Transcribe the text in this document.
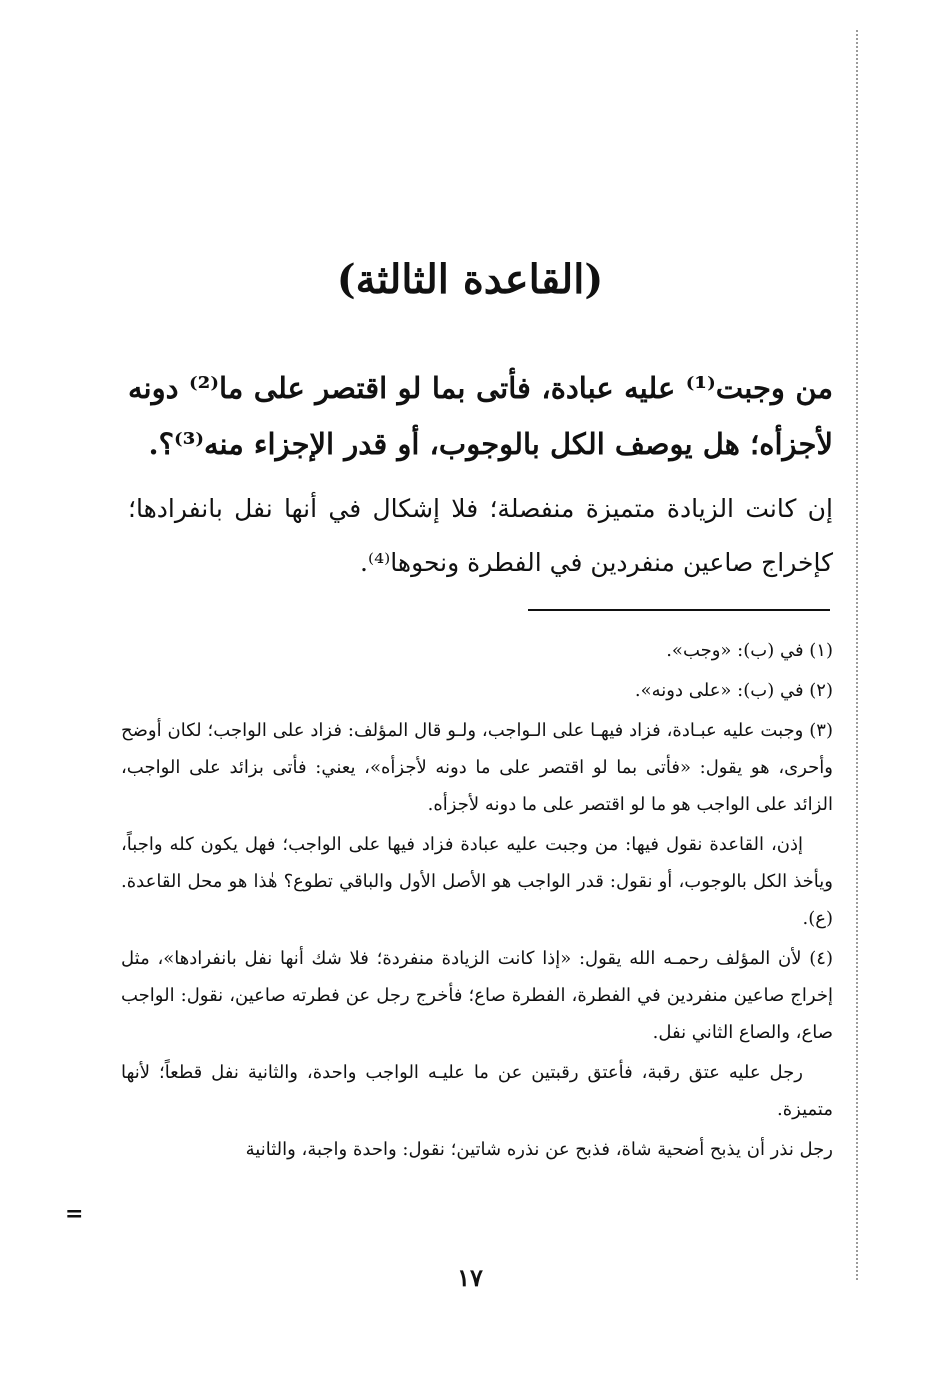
(القاعدة الثالثة)
من وجبت⁽¹⁾ عليه عبادة، فأتى بما لو اقتصر على ما⁽²⁾ دونه لأجزأه؛ هل يوصف الكل بالوجوب، أو قدر الإجزاء منه⁽³⁾؟.
إن كانت الزيادة متميزة منفصلة؛ فلا إشكال في أنها نفل بانفرادها؛ كإخراج صاعين منفردين في الفطرة ونحوها⁽⁴⁾.

(١) في (ب): «وجب».

(٢) في (ب): «على دونه».

(٣) وجبت عليه عبـادة، فزاد فيهـا على الـواجب، ولـو قال المؤلف: فزاد على الواجب؛ لكان أوضح وأحرى، هو يقول: «فأتى بما لو اقتصر على ما دونه لأجزأه»، يعني: فأتى بزائد على الواجب، الزائد على الواجب هو ما لو اقتصر على ما دونه لأجزأه.

إذن، القاعدة نقول فيها: من وجبت عليه عبادة فزاد فيها على الواجب؛ فهل يكون كله واجباً، ويأخذ الكل بالوجوب، أو نقول: قدر الواجب هو الأصل الأول والباقي تطوع؟ هٰذا هو محل القاعدة. (ع).

(٤) لأن المؤلف رحمـه الله يقول: «إذا كانت الزيادة منفردة؛ فلا شك أنها نفل بانفرادها»، مثل إخراج صاعين منفردين في الفطرة، الفطرة صاع؛ فأخرج رجل عن فطرته صاعين، نقول: الواجب صاع، والصاع الثاني نفل.

رجل عليه عتق رقبة، فأعتق رقبتين عن ما عليـه الواجب واحدة، والثانية نفل قطعاً؛ لأنها متميزة.

رجل نذر أن يذبح أضحية شاة، فذبح عن نذره شاتين؛ نقول: واحدة واجبة، والثانية

=
١٧
